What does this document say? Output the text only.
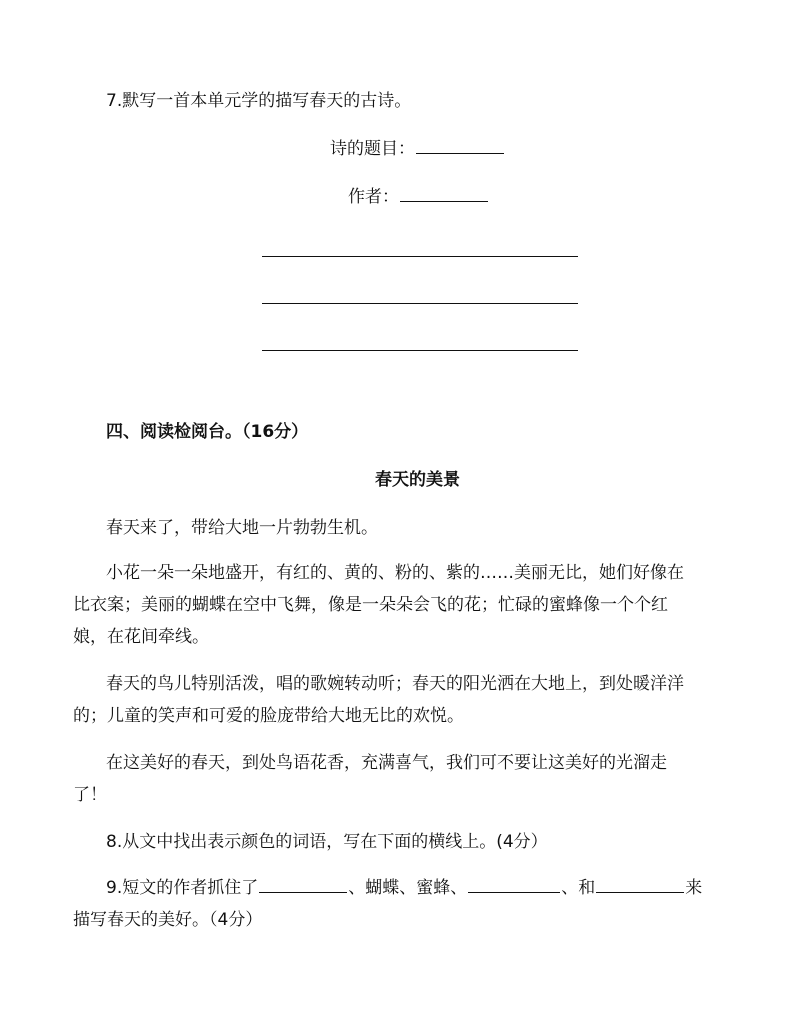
7.默写一首本单元学的描写春天的古诗。
诗的题目：
作者：
四、阅读检阅台。（16分）
春天的美景
春天来了，带给大地一片勃勃生机。
小花一朵一朵地盛开，有红的、黄的、粉的、紫的……美丽无比，她们好像在
比衣案；美丽的蝴蝶在空中飞舞，像是一朵朵会飞的花；忙碌的蜜蜂像一个个红
娘，在花间牵线。
春天的鸟儿特别活泼，唱的歌婉转动听；春天的阳光洒在大地上，到处暖洋洋
的；儿童的笑声和可爱的脸庞带给大地无比的欢悦。
在这美好的春天，到处鸟语花香，充满喜气，我们可不要让这美好的光溜走
了！
8.从文中找出表示颜色的词语，写在下面的横线上。(4分）
9.短文的作者抓住了	、蝴蝶、蜜蜂、	、和	来
描写春天的美好。（4分）
